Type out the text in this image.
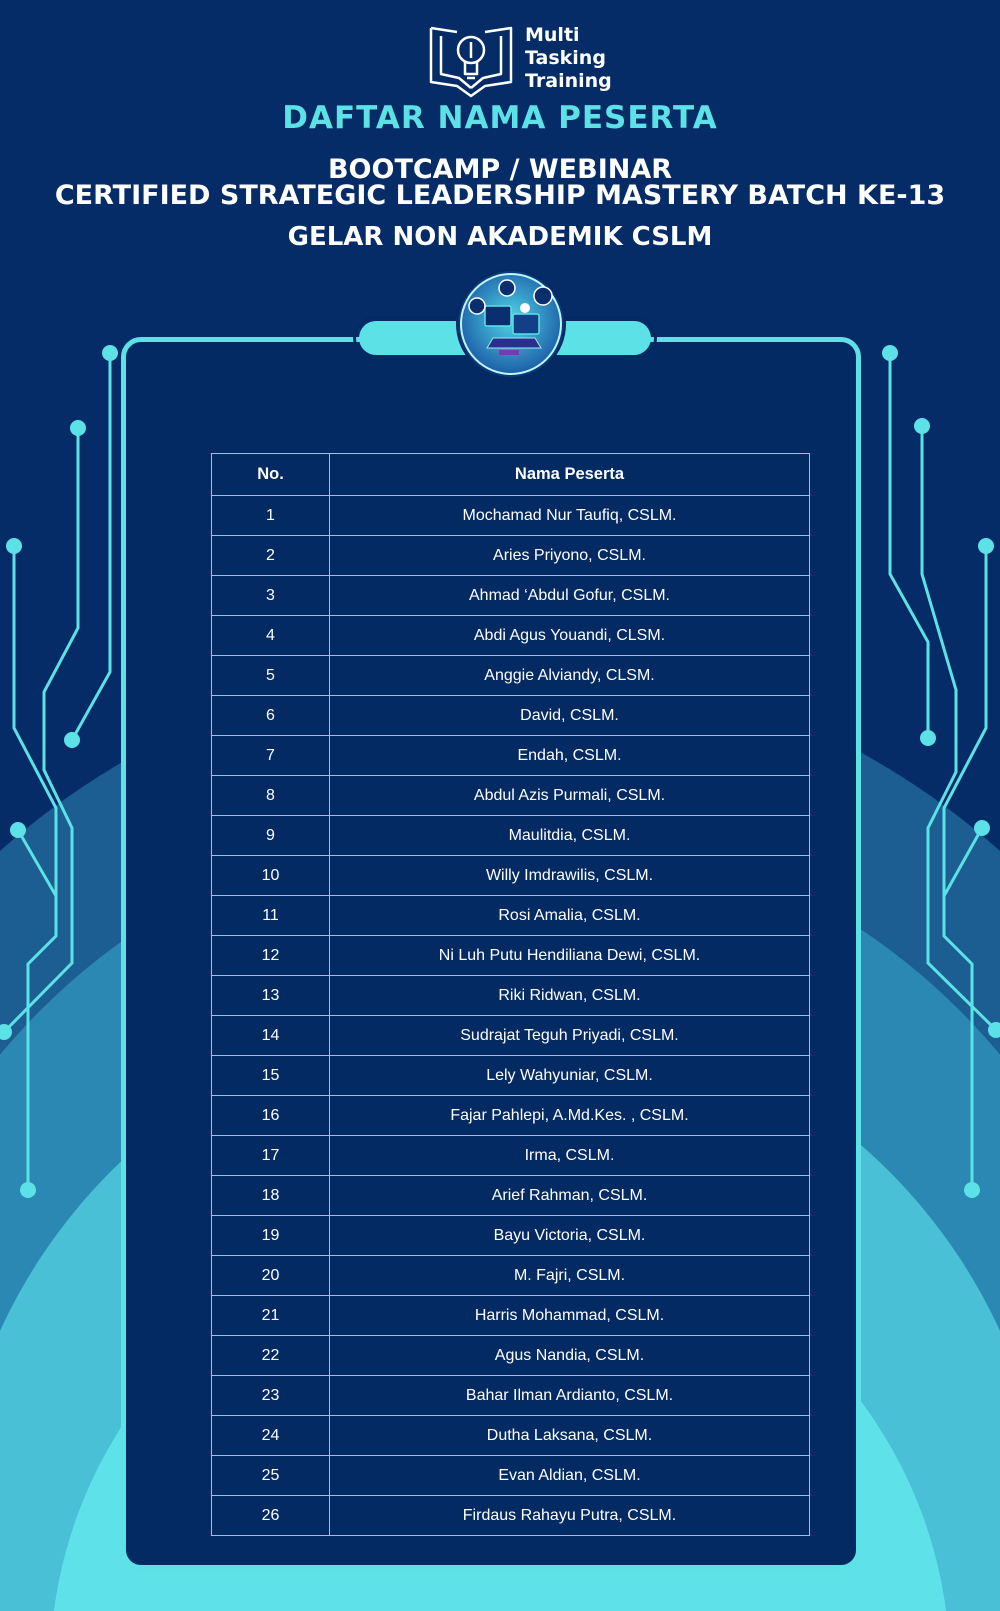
Multi
Tasking
Training
DAFTAR NAMA PESERTA
BOOTCAMP / WEBINAR
CERTIFIED STRATEGIC LEADERSHIP MASTERY BATCH KE-13
GELAR NON AKADEMIK CSLM
No.	Nama Peserta
1	Mochamad Nur Taufiq, CSLM.
2	Aries Priyono, CSLM.
3	Ahmad ‘Abdul Gofur, CSLM.
4	Abdi Agus Youandi, CLSM.
5	Anggie Alviandy, CLSM.
6	David, CSLM.
7	Endah, CSLM.
8	Abdul Azis Purmali, CSLM.
9	Maulitdia, CSLM.
10	Willy Imdrawilis, CSLM.
11	Rosi Amalia, CSLM.
12	Ni Luh Putu Hendiliana Dewi, CSLM.
13	Riki Ridwan, CSLM.
14	Sudrajat Teguh Priyadi, CSLM.
15	Lely Wahyuniar, CSLM.
16	Fajar Pahlepi, A.Md.Kes. , CSLM.
17	Irma, CSLM.
18	Arief Rahman, CSLM.
19	Bayu Victoria, CSLM.
20	M. Fajri, CSLM.
21	Harris Mohammad, CSLM.
22	Agus Nandia, CSLM.
23	Bahar Ilman Ardianto, CSLM.
24	Dutha Laksana, CSLM.
25	Evan Aldian, CSLM.
26	Firdaus Rahayu Putra, CSLM.
